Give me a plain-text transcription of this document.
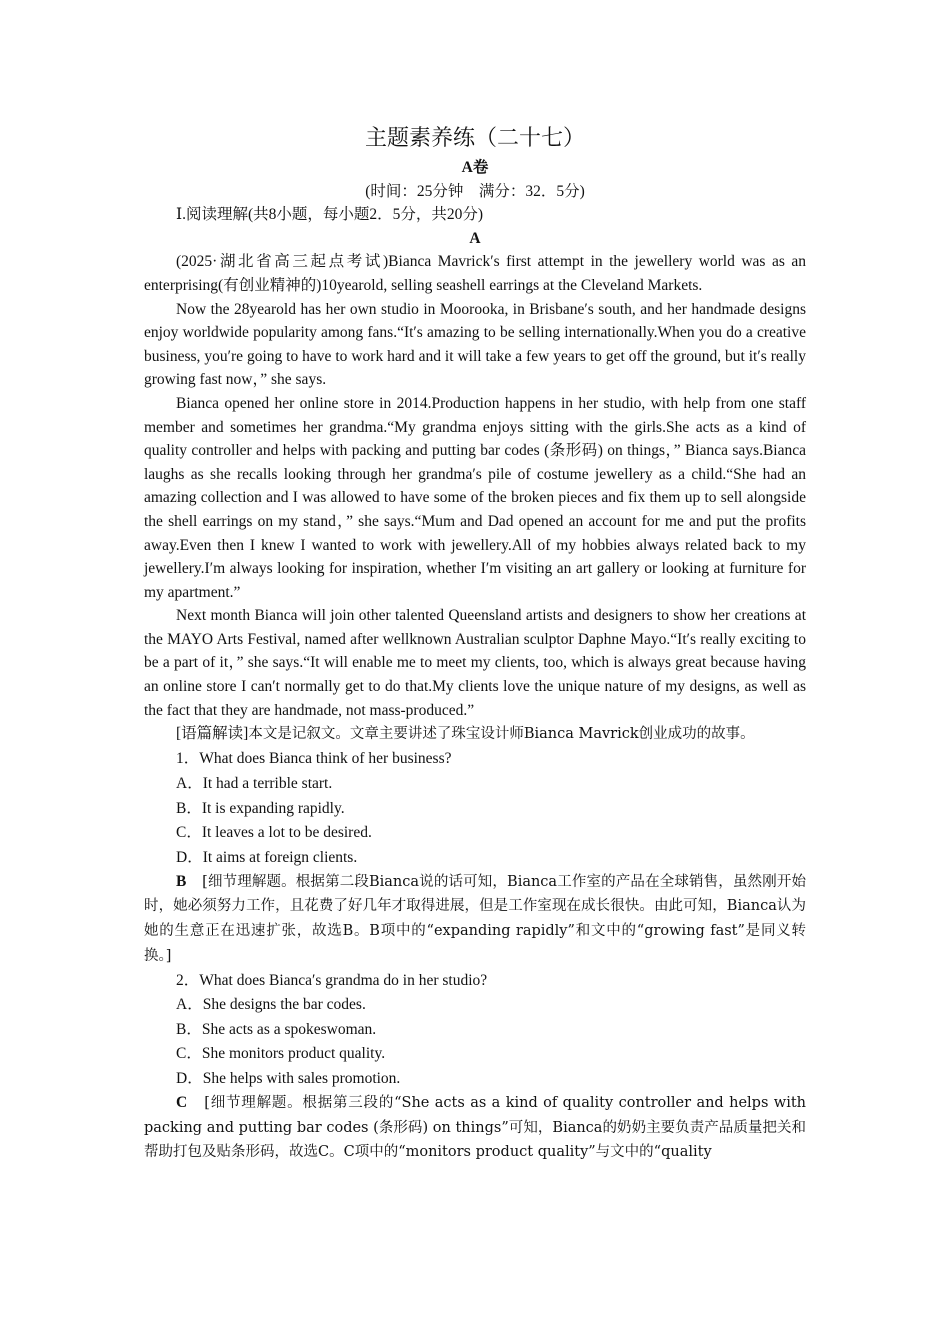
主题素养练（二十七）

A卷

(时间：25分钟　满分：32．5分)

Ⅰ.阅读理解(共8小题，每小题2．5分，共20分)

A

(2025·湖北省高三起点考试)Bianca Mavrick′s first attempt in the jewellery world was as an enterprising(有创业精神的)10yearold, selling seashell earrings at the Cleveland Markets.

Now the 28yearold has her own studio in Moorooka, in Brisbane′s south, and her handmade designs enjoy worldwide popularity among fans.“It′s amazing to be selling internationally.When you do a creative business, you′re going to have to work hard and it will take a few years to get off the ground, but it′s really growing fast now，” she says.

Bianca opened her online store in 2014.Production happens in her studio, with help from one staff member and sometimes her grandma.“My grandma enjoys sitting with the girls.She acts as a kind of quality controller and helps with packing and putting bar codes (条形码) on things，” Bianca says.Bianca laughs as she recalls looking through her grandma′s pile of costume jewellery as a child.“She had an amazing collection and I was allowed to have some of the broken pieces and fix them up to sell alongside the shell earrings on my stand，” she says.“Mum and Dad opened an account for me and put the profits away.Even then I knew I wanted to work with jewellery.All of my hobbies always related back to my jewellery.I′m always looking for inspiration, whether I′m visiting an art gallery or looking at furniture for my apartment.”

Next month Bianca will join other talented Queensland artists and designers to show her creations at the MAYO Arts Festival, named after wellknown Australian sculptor Daphne Mayo.“It′s really exciting to be a part of it，” she says.“It will enable me to meet my clients, too, which is always great because having an online store I can′t normally get to do that.My clients love the unique nature of my designs, as well as the fact that they are handmade, not mass-produced.”

[语篇解读]本文是记叙文。文章主要讲述了珠宝设计师Bianca Mavrick创业成功的故事。

1．What does Bianca think of her business?

A．It had a terrible start.

B．It is expanding rapidly.

C．It leaves a lot to be desired.

D．It aims at foreign clients.

B　 [细节理解题。根据第二段Bianca说的话可知，Bianca工作室的产品在全球销售，虽然刚开始时，她必须努力工作，且花费了好几年才取得进展，但是工作室现在成长很快。由此可知，Bianca认为她的生意正在迅速扩张，故选B。B项中的“expanding rapidly”和文中的“growing fast”是同义转换。]

2．What does Bianca′s grandma do in her studio?

A．She designs the bar codes.

B．She acts as a spokeswoman.

C．She monitors product quality.

D．She helps with sales promotion.

C　 [细节理解题。根据第三段的“She acts as a kind of quality controller and helps with packing and putting bar codes (条形码) on things”可知，Bianca的奶奶主要负责产品质量把关和帮助打包及贴条形码，故选C。C项中的“monitors product quality”与文中的“quality
